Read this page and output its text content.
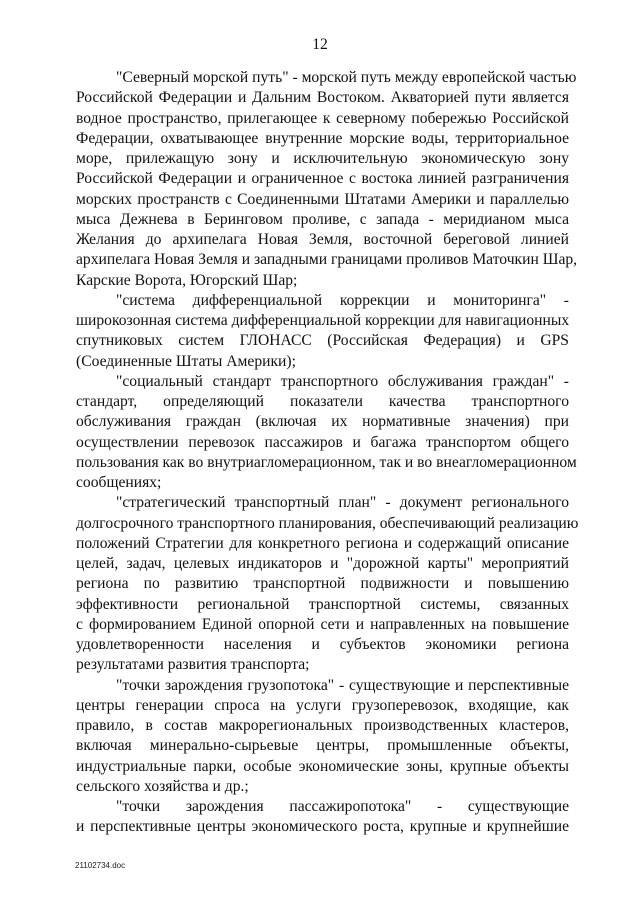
12
"Северный морской путь" - морской путь между европейской частью
Российской Федерации и Дальним Востоком. Акваторией пути является
водное пространство, прилегающее к северному побережью Российской
Федерации, охватывающее внутренние морские воды, территориальное
море, прилежащую зону и исключительную экономическую зону
Российской Федерации и ограниченное с востока линией разграничения
морских пространств с Соединенными Штатами Америки и параллелью
мыса Дежнева в Беринговом проливе, с запада - меридианом мыса
Желания до архипелага Новая Земля, восточной береговой линией
архипелага Новая Земля и западными границами проливов Маточкин Шар,
Карские Ворота, Югорский Шар;
"система дифференциальной коррекции и мониторинга" -
широкозонная система дифференциальной коррекции для навигационных
спутниковых систем ГЛОНАСС (Российская Федерация) и GPS
(Соединенные Штаты Америки);
"социальный стандарт транспортного обслуживания граждан" -
стандарт, определяющий показатели качества транспортного
обслуживания граждан (включая их нормативные значения) при
осуществлении перевозок пассажиров и багажа транспортом общего
пользования как во внутриагломерационном, так и во внеагломерационном
сообщениях;
"стратегический транспортный план" - документ регионального
долгосрочного транспортного планирования, обеспечивающий реализацию
положений Стратегии для конкретного региона и содержащий описание
целей, задач, целевых индикаторов и "дорожной карты" мероприятий
региона по развитию транспортной подвижности и повышению
эффективности региональной транспортной системы, связанных
с формированием Единой опорной сети и направленных на повышение
удовлетворенности населения и субъектов экономики региона
результатами развития транспорта;
"точки зарождения грузопотока" - существующие и перспективные
центры генерации спроса на услуги грузоперевозок, входящие, как
правило, в состав макрорегиональных производственных кластеров,
включая минерально-сырьевые центры, промышленные объекты,
индустриальные парки, особые экономические зоны, крупные объекты
сельского хозяйства и др.;
"точки зарождения пассажиропотока" - существующие
и перспективные центры экономического роста, крупные и крупнейшие
21102734.doc
